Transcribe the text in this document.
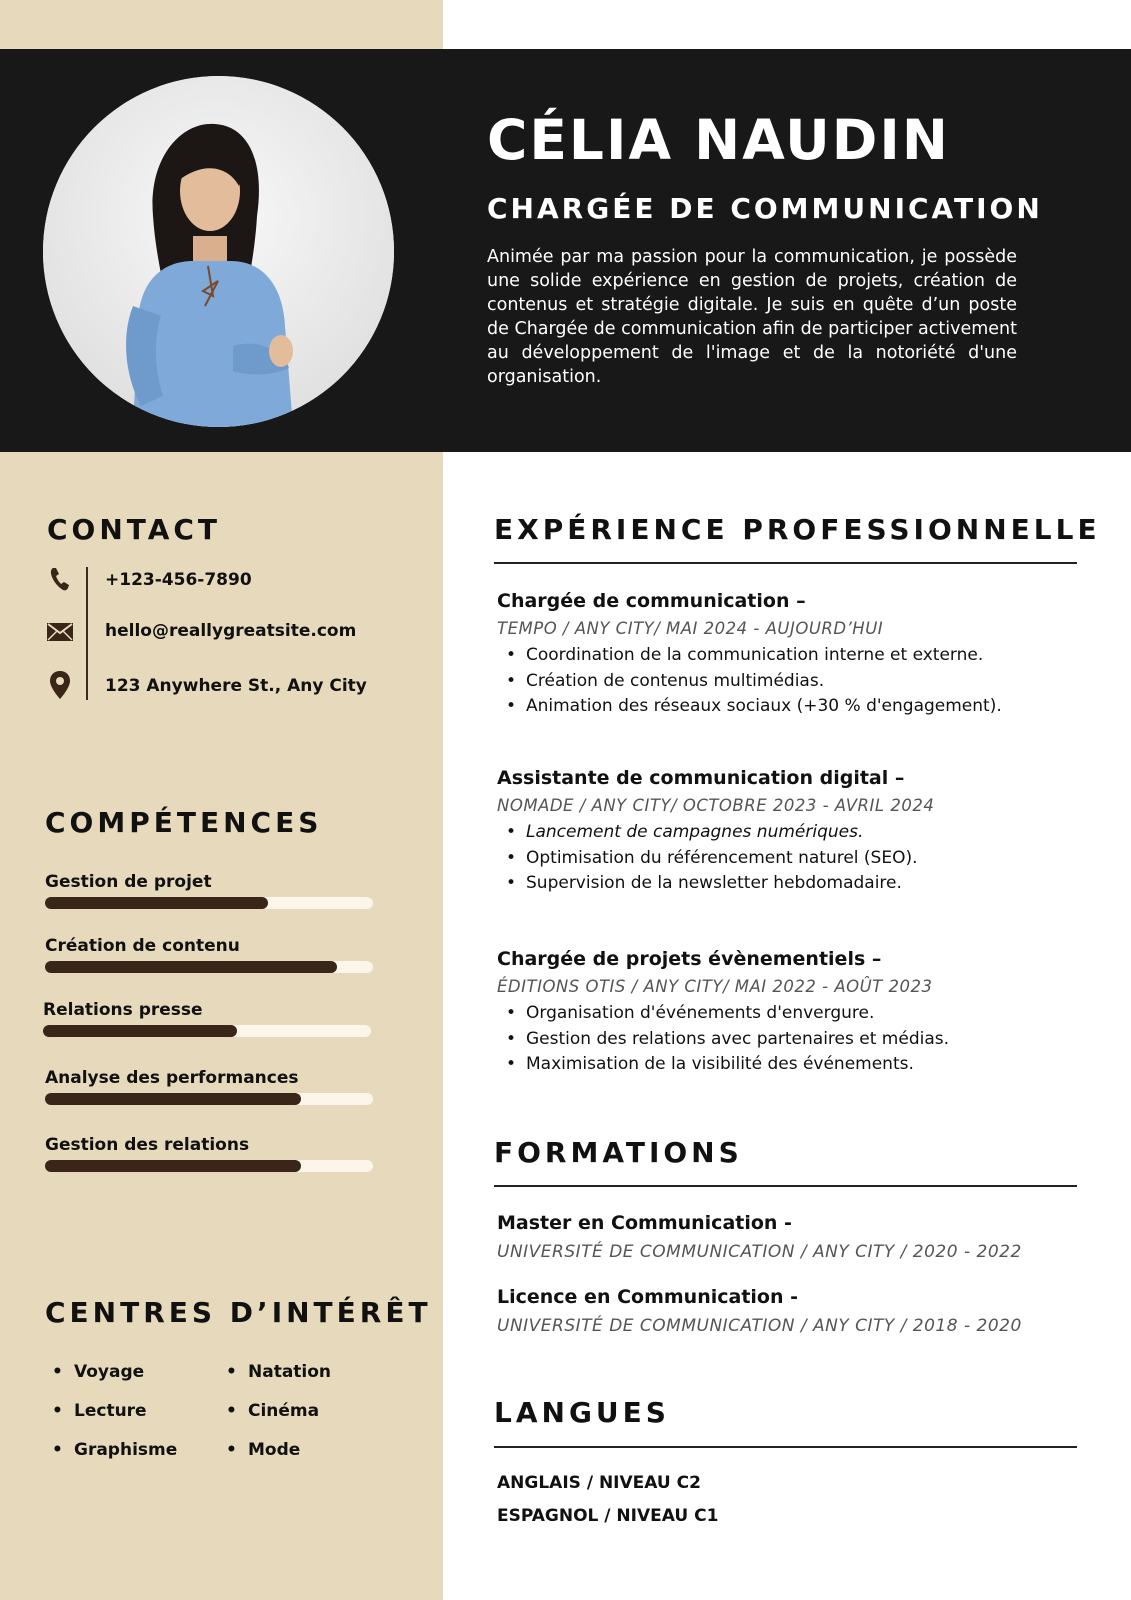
CÉLIA NAUDIN
CHARGÉE DE COMMUNICATION

Animée par ma passion pour la communication, je possède une solide expérience en gestion de projets, création de contenus et stratégie digitale. Je suis en quête d’un poste de Chargée de communication afin de participer activement au développement de l'image et de la notoriété d'une organisation.

CONTACT
+123-456-7890
hello@reallygreatsite.com
123 Anywhere St., Any City
COMPÉTENCES
Gestion de projet
Création de contenu
Relations presse
Analyse des performances
Gestion des relations
CENTRES D’INTÉRÊT
• Voyage	• Natation
• Lecture	• Cinéma
• Graphisme	• Mode
EXPÉRIENCE PROFESSIONNELLE
Chargée de communication –
TEMPO / ANY CITY/ MAI 2024 - AUJOURD’HUI
• Coordination de la communication interne et externe.
• Création de contenus multimédias.
• Animation des réseaux sociaux (+30 % d'engagement).
Assistante de communication digital –
NOMADE / ANY CITY/ OCTOBRE 2023 - AVRIL 2024
• Lancement de campagnes numériques.
• Optimisation du référencement naturel (SEO).
• Supervision de la newsletter hebdomadaire.
Chargée de projets évènementiels –
ÉDITIONS OTIS / ANY CITY/ MAI 2022 - AOÛT 2023
• Organisation d'événements d'envergure.
• Gestion des relations avec partenaires et médias.
• Maximisation de la visibilité des événements.
FORMATIONS
Master en Communication -
UNIVERSITÉ DE COMMUNICATION / ANY CITY / 2020 - 2022
Licence en Communication -
UNIVERSITÉ DE COMMUNICATION / ANY CITY / 2018 - 2020
LANGUES
ANGLAIS / NIVEAU C2
ESPAGNOL / NIVEAU C1
